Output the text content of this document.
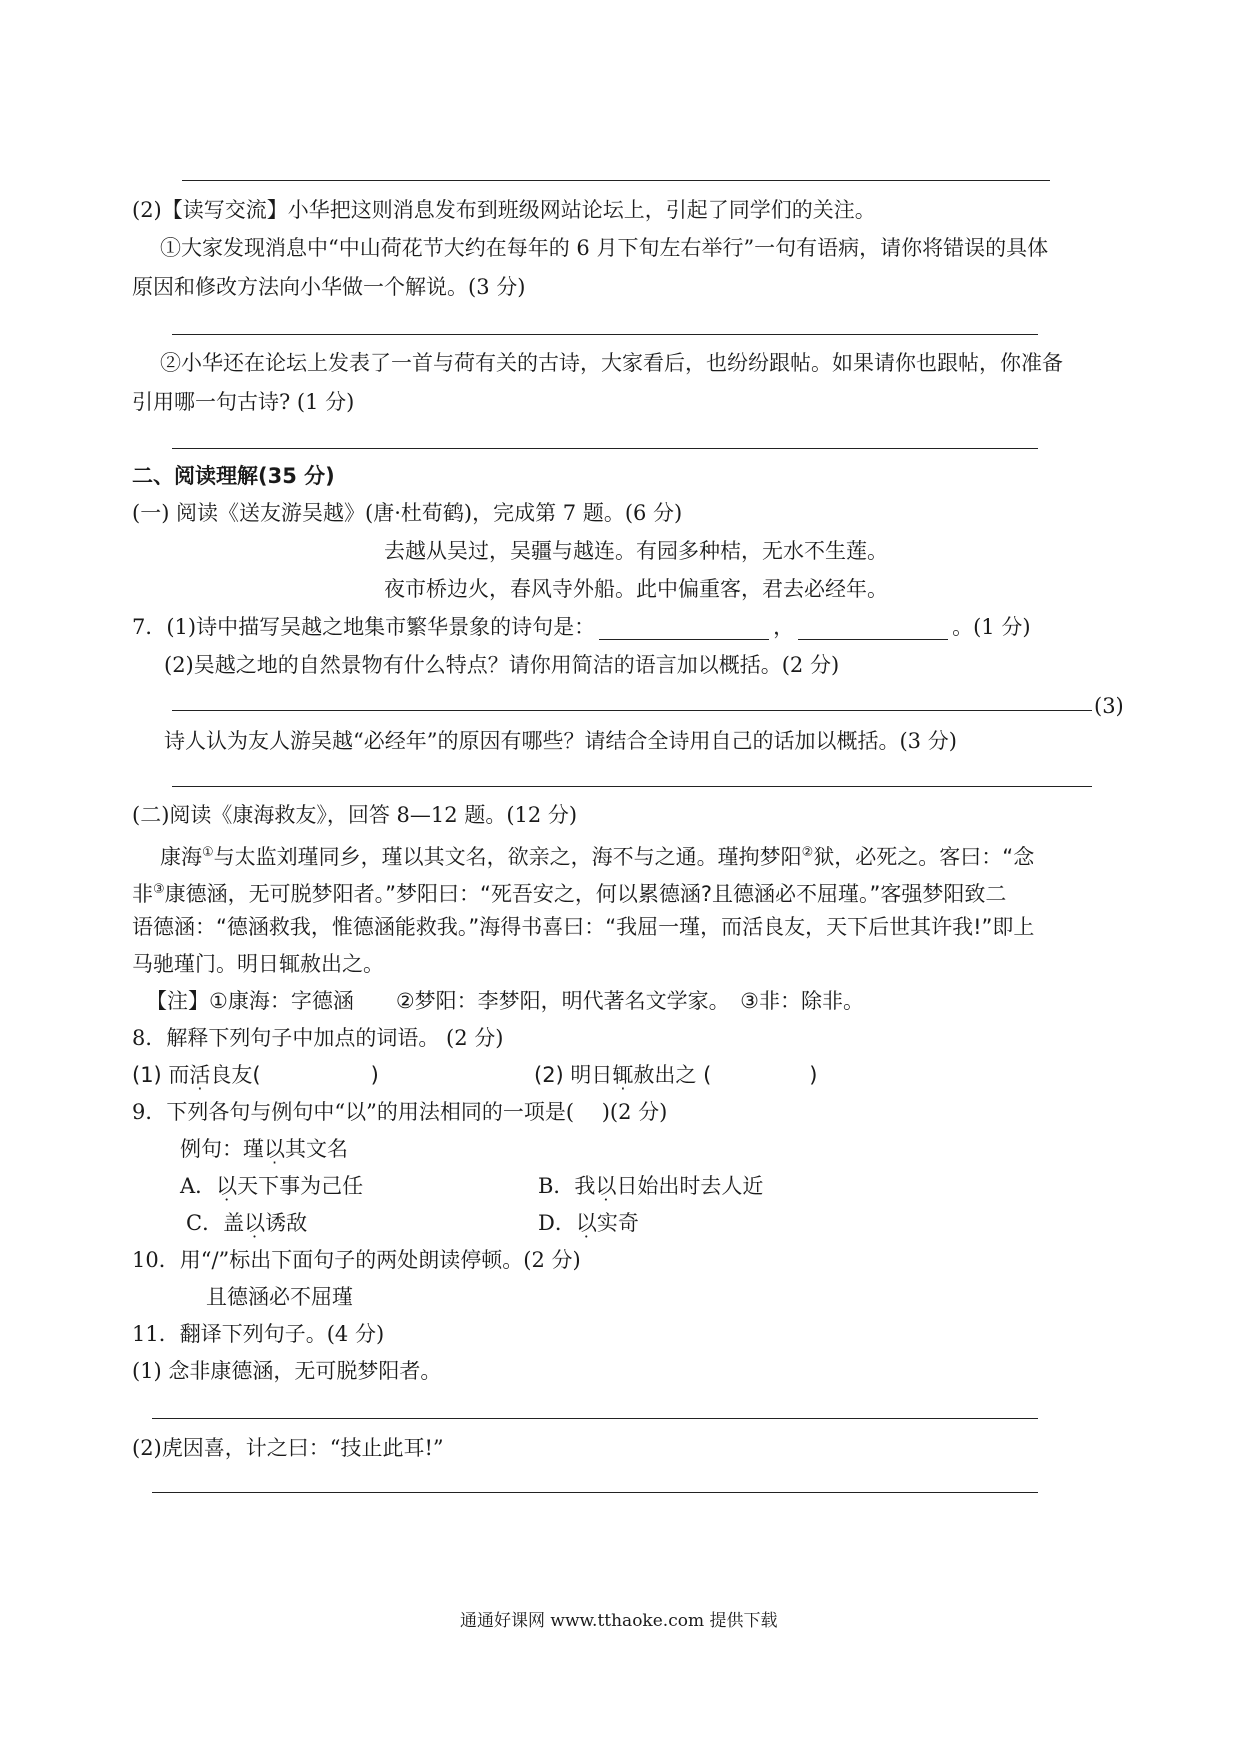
(2)【读写交流】小华把这则消息发布到班级网站论坛上，引起了同学们的关注。
①大家发现消息中“中山荷花节大约在每年的 6 月下旬左右举行”一句有语病，请你将错误的具体
原因和修改方法向小华做一个解说。(3 分)
②小华还在论坛上发表了一首与荷有关的古诗，大家看后，也纷纷跟帖。如果请你也跟帖，你准备
引用哪一句古诗? (1 分)
二、阅读理解(35 分)
(一) 阅读《送友游吴越》(唐·杜荀鹤)，完成第 7 题。(6 分)
去越从吴过，吴疆与越连。有园多种桔，无水不生莲。
夜市桥边火，春风寺外船。此中偏重客，君去必经年。
7．(1)诗中描写吴越之地集市繁华景象的诗句是：	，	。(1 分)
(2)吴越之地的自然景物有什么特点？请你用简洁的语言加以概括。(2 分)
(3)
诗人认为友人游吴越“必经年”的原因有哪些？请结合全诗用自己的话加以概括。(3 分)
(二)阅读《康海救友》，回答 8—12 题。(12 分)
康海①与太监刘瑾同乡，瑾以其文名，欲亲之，海不与之通。瑾拘梦阳②狱，必死之。客曰：“念
非③康德涵，无可脱梦阳者。”梦阳曰：“死吾安之，何以累德涵?且德涵必不屈瑾。”客强梦阳致二
语德涵：“德涵救我，惟德涵能救我。”海得书喜曰：“我屈一瑾，而活良友，天下后世其许我!”即上
马驰瑾门。明日辄赦出之。
【注】①康海：字德涵　　②梦阳：李梦阳，明代著名文学家。　③非：除非。
8．解释下列句子中加点的词语。 (2 分)
(1) 而活良友(	)	(2) 明日辄赦出之 (	)
9．下列各句与例句中“以”的用法相同的一项是(　 )(2 分)
例句：瑾以其文名
A．以天下事为己任	B．我以日始出时去人近
C．盖以诱敌	D．以实奇
10．用“/”标出下面句子的两处朗读停顿。(2 分)
且德涵必不屈瑾
11．翻译下列句子。(4 分)
(1) 念非康德涵，无可脱梦阳者。
(2)虎因喜，计之曰：“技止此耳!”
通通好课网 www.tthaoke.com 提供下载
